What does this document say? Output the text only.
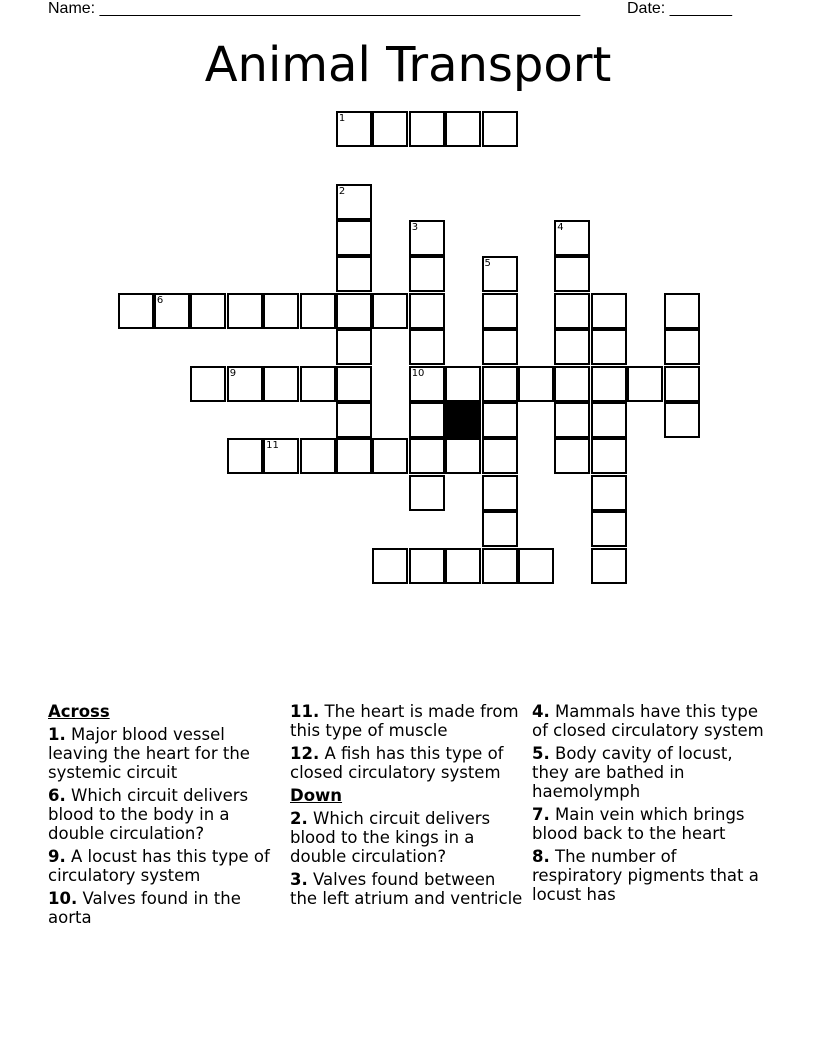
Name: ______________________________________________________	Date: _______
Animal Transport
1
2
3
10
4
5
6
9
11
Across
1. Major blood vessel leaving the heart for the systemic circuit
6. Which circuit delivers blood to the body in a double circulation?
9. A locust has this type of circulatory system
10. Valves found in the aorta
11. The heart is made from this type of muscle
12. A fish has this type of closed circulatory system
Down
2. Which circuit delivers blood to the kings in a double circulation?
3. Valves found between the left atrium and ventricle
4. Mammals have this type of closed circulatory system
5. Body cavity of locust, they are bathed in haemolymph
7. Main vein which brings blood back to the heart
8. The number of respiratory pigments that a locust has
